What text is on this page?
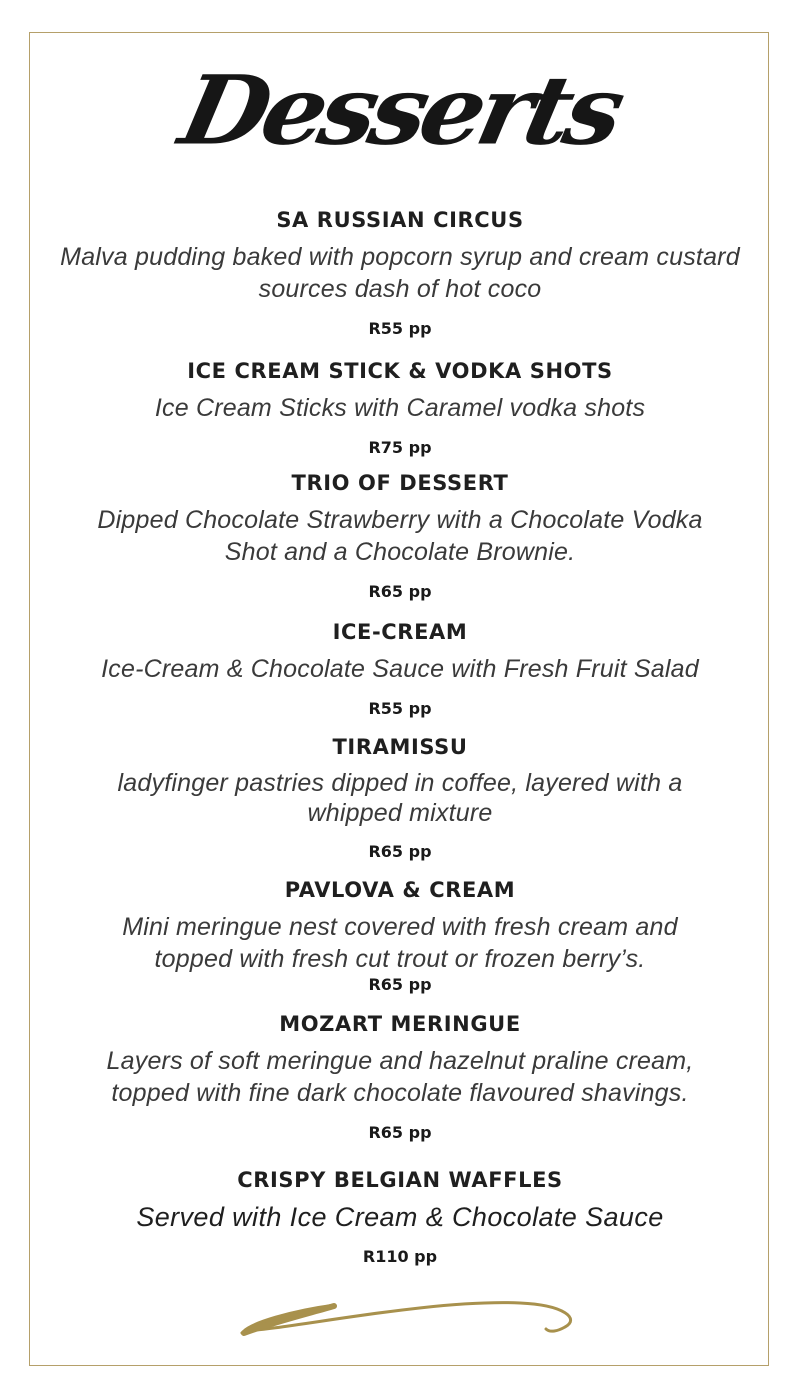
Desserts
SA RUSSIAN CIRCUS
Malva pudding baked with popcorn syrup and cream custard sources dash of hot coco
R55 pp
ICE CREAM STICK & VODKA SHOTS
Ice Cream Sticks with Caramel vodka shots
R75 pp
TRIO OF DESSERT
Dipped Chocolate Strawberry with a Chocolate Vodka Shot and a Chocolate Brownie.
R65 pp
ICE-CREAM
Ice-Cream & Chocolate Sauce with Fresh Fruit Salad
R55 pp
TIRAMISSU
ladyfinger pastries dipped in coffee, layered with a whipped mixture
R65 pp
PAVLOVA & CREAM
Mini meringue nest covered with fresh cream and topped with fresh cut trout or frozen berry’s.
R65 pp
MOZART MERINGUE
Layers of soft meringue and hazelnut praline cream, topped with fine dark chocolate flavoured shavings.
R65 pp
CRISPY BELGIAN WAFFLES
Served with Ice Cream & Chocolate Sauce
R110 pp
